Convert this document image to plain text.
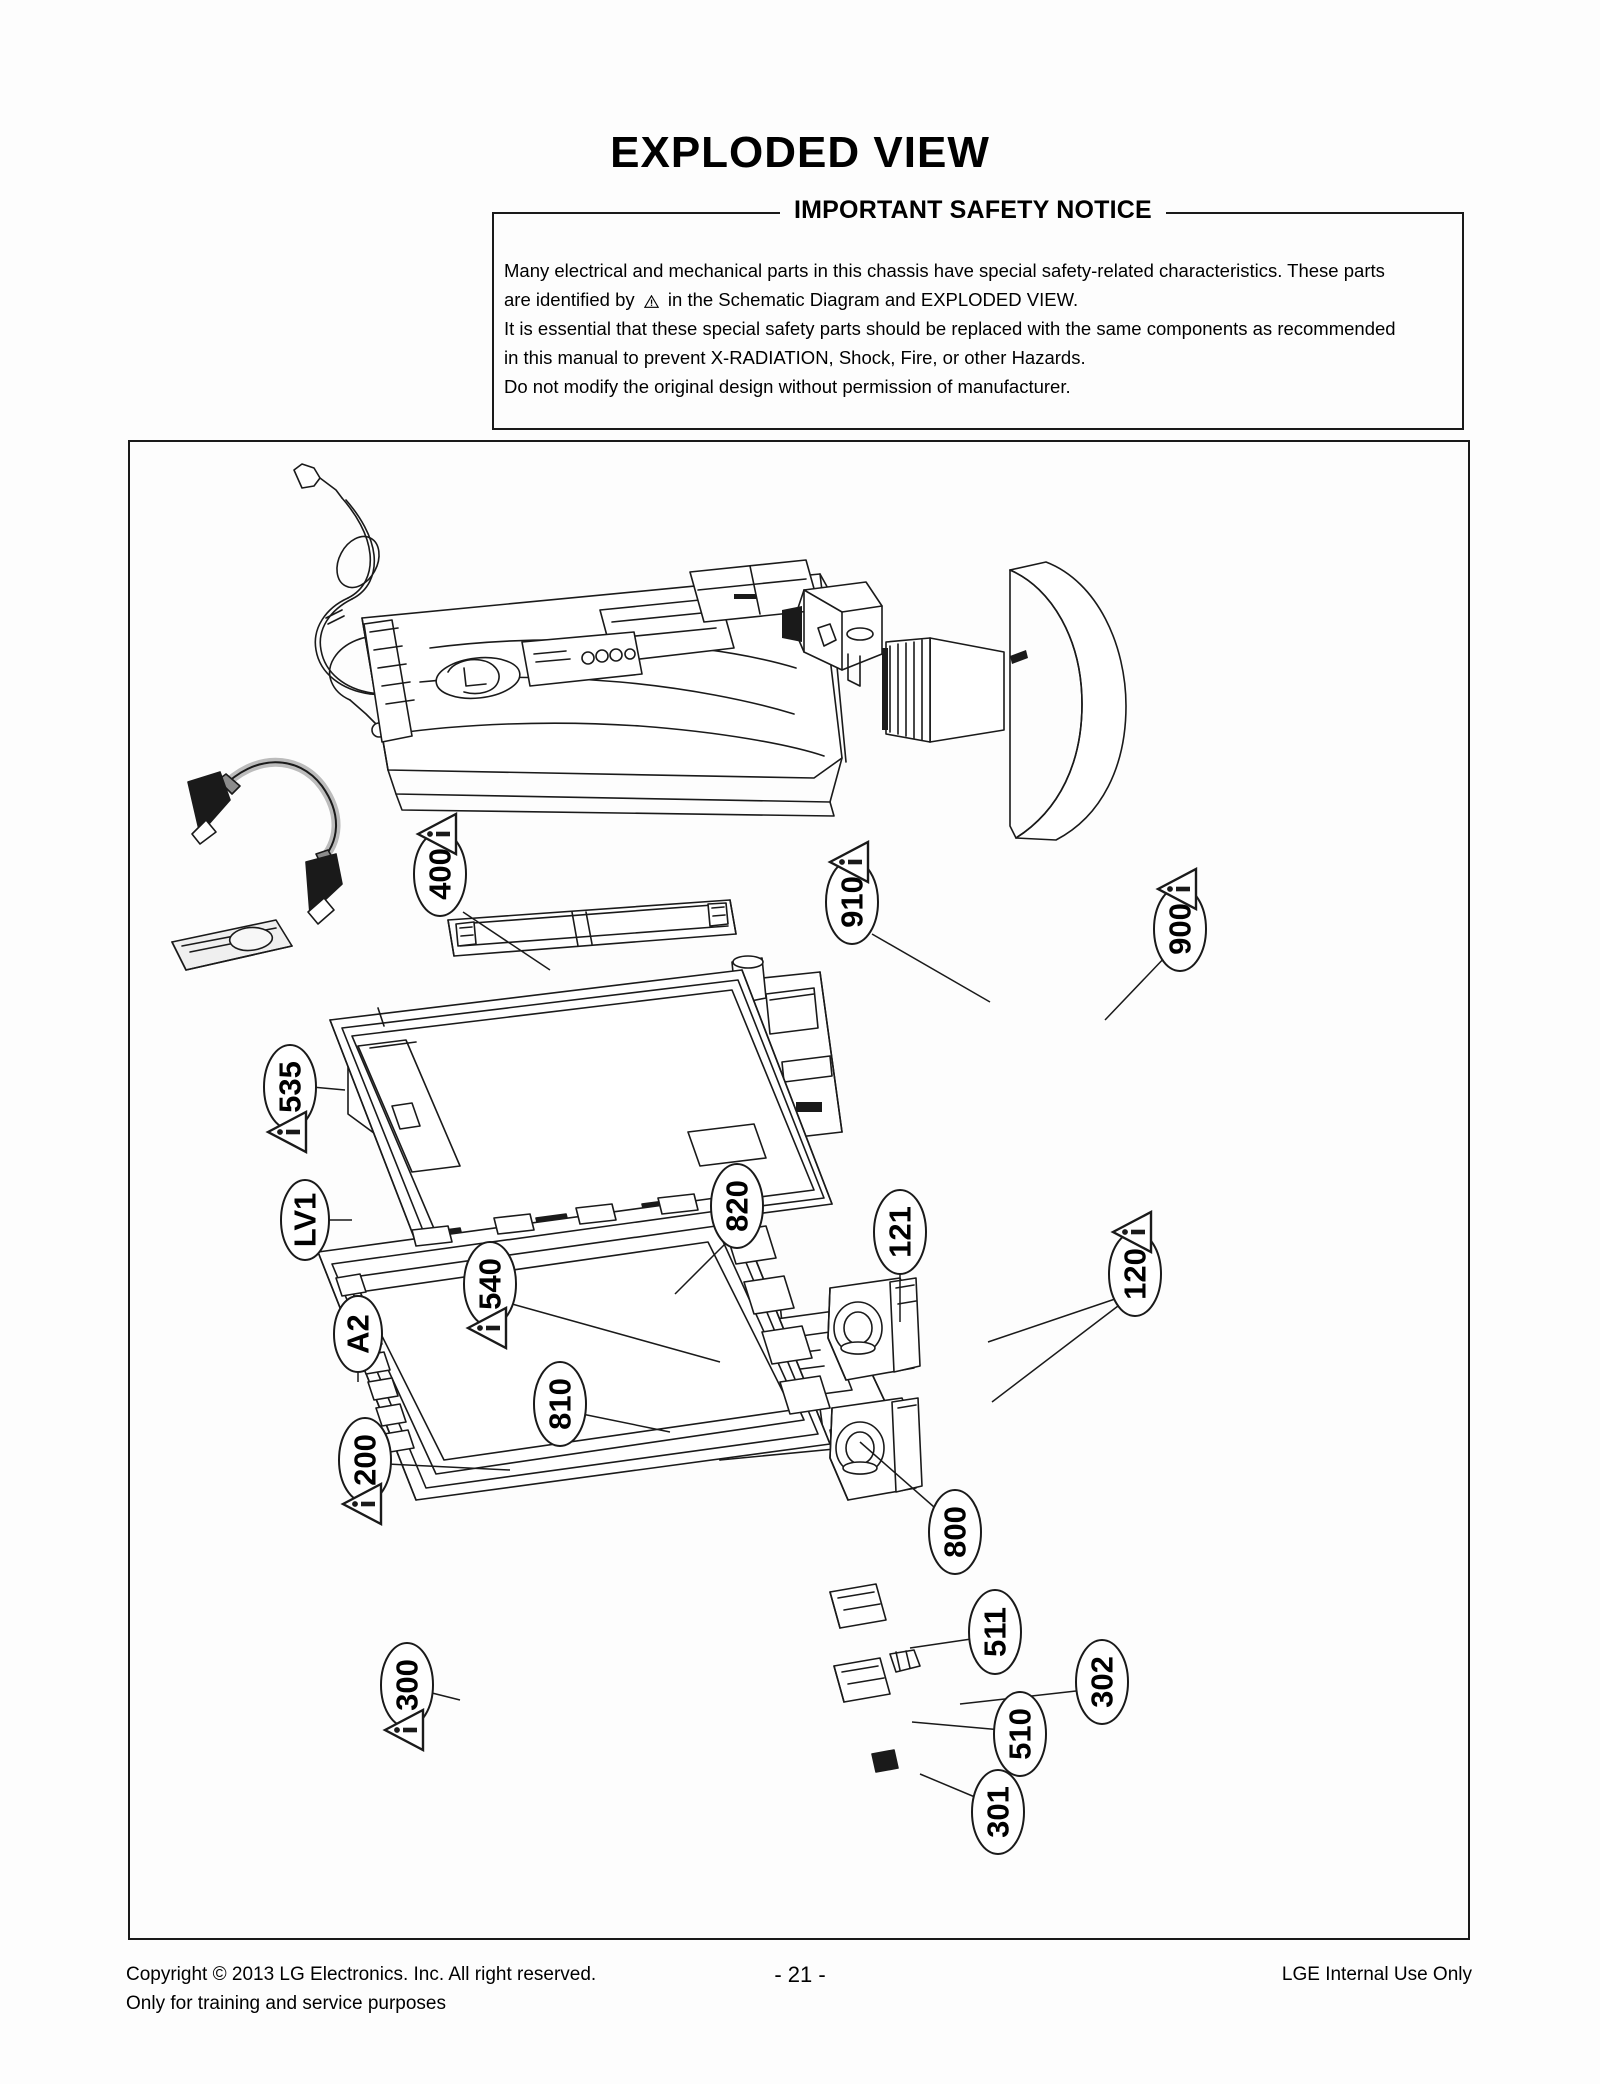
EXPLODED VIEW
IMPORTANT SAFETY NOTICE

Many electrical and mechanical parts in this chassis have special safety-related characteristics. These parts

are identified by in the Schematic Diagram and EXPLODED VIEW.

It is essential that these special safety parts should be replaced with the same components as recommended

in this manual to prevent X-RADIATION, Shock, Fire, or other Hazards.

Do not modify the original design without permission of manufacturer.

400
535
910
900
LV1
A2
820
540
121
120
810
200
800
511
302
300
510
301
Copyright © 2013 LG Electronics. Inc. All right reserved.
Only for training and service purposes
- 21 -	LGE Internal Use Only
